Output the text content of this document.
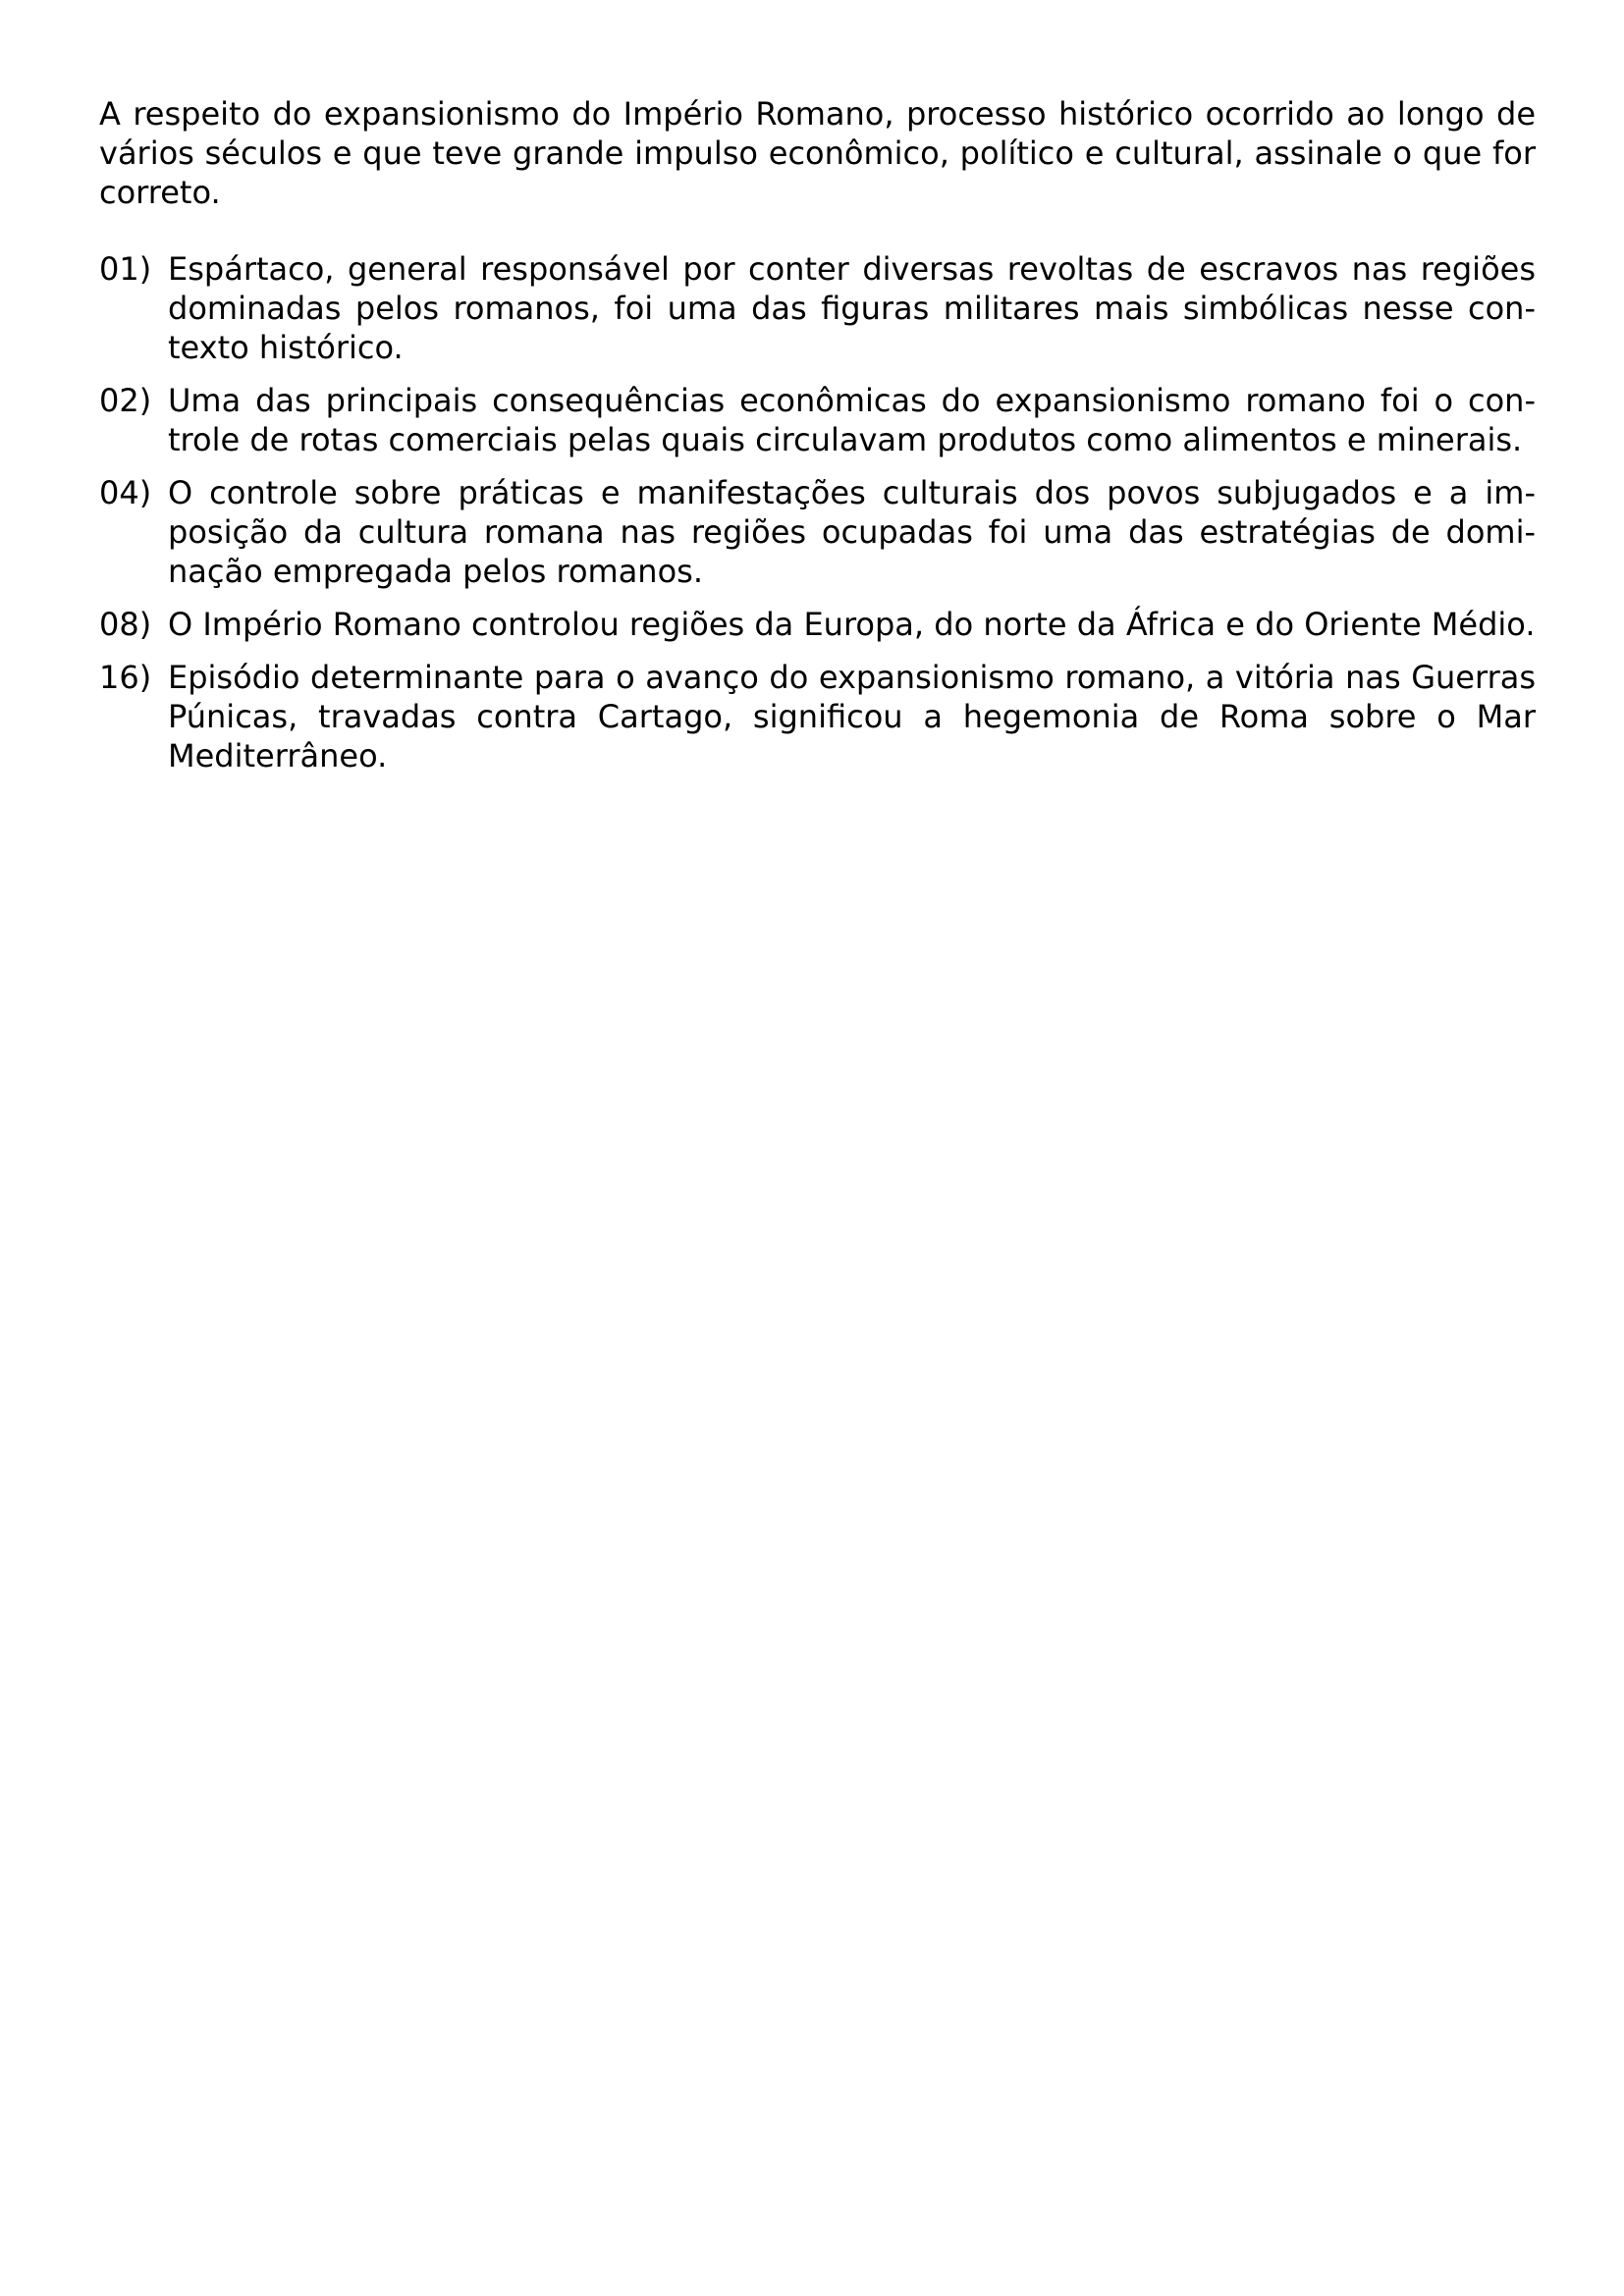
A respeito do expansionismo do Império Romano, processo histórico ocorrido ao longo de vários séculos e que teve grande impulso econômico, político e cultural, assinale o que for correto.

01) Espártaco, general responsável por conter diversas revoltas de escravos nas regiões dominadas pelos romanos, foi uma das figuras militares mais simbólicas nesse contexto histórico.
02) Uma das principais consequências econômicas do expansionismo romano foi o controle de rotas comerciais pelas quais circulavam produtos como alimentos e minerais.
04) O controle sobre práticas e manifestações culturais dos povos subjugados e a imposição da cultura romana nas regiões ocupadas foi uma das estratégias de dominação empregada pelos romanos.
08) O Império Romano controlou regiões da Europa, do norte da África e do Oriente Médio.
16) Episódio determinante para o avanço do expansionismo romano, a vitória nas Guerras Púnicas, travadas contra Cartago, significou a hegemonia de Roma sobre o Mar Mediterrâneo.
